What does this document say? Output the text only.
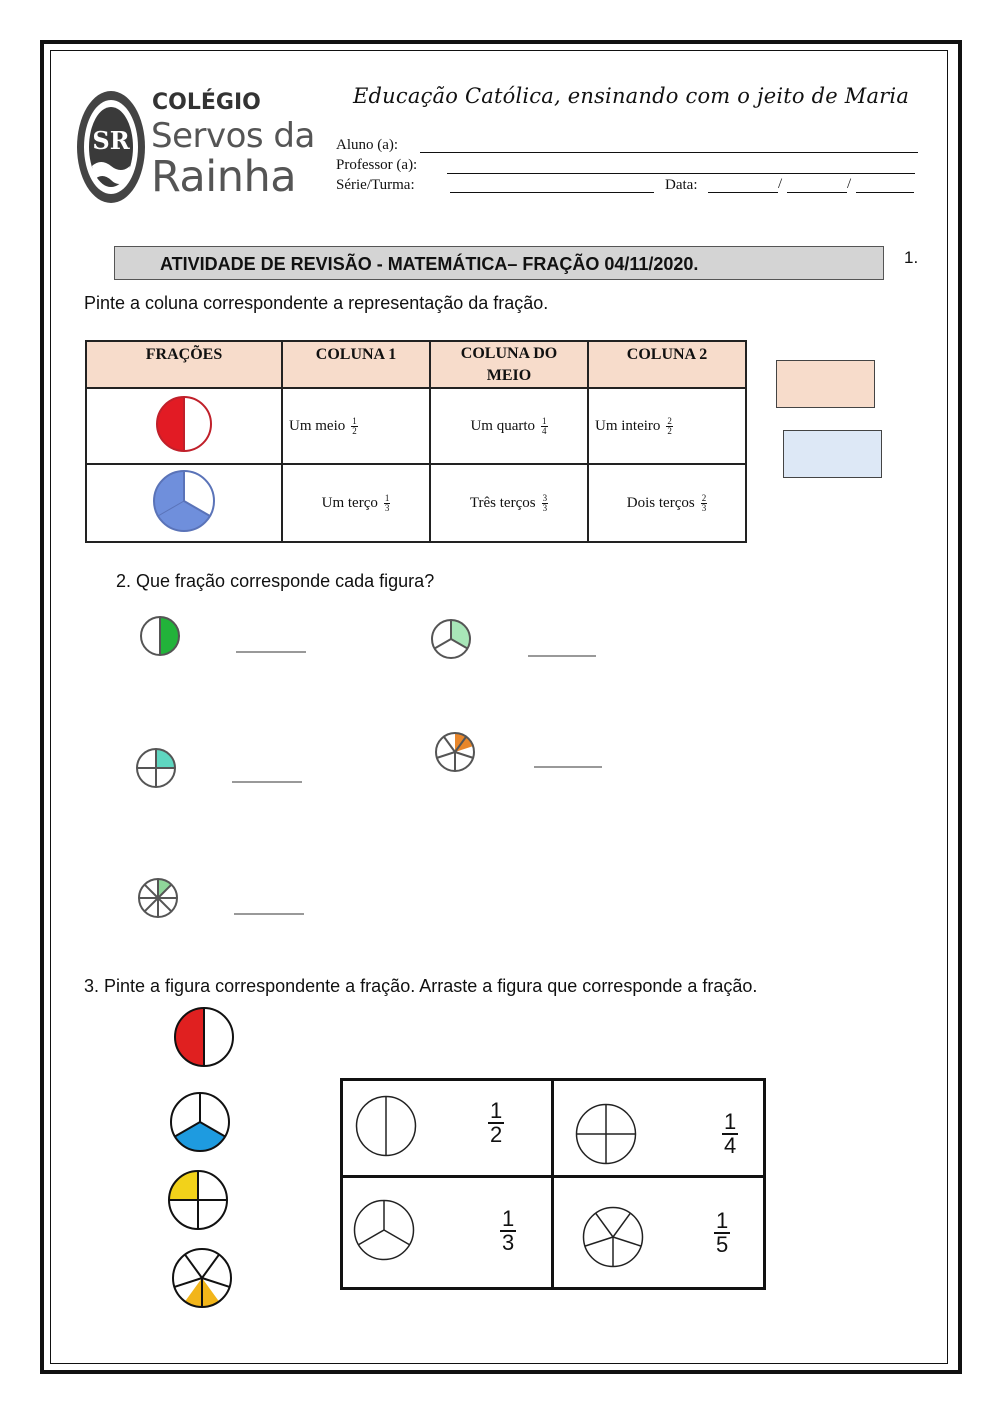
SR
COLÉGIO
Servos da
Rainha
Educação Católica, ensinando com o jeito de Maria
Aluno (a):
Professor (a):
Série/Turma:	Data:	/	/
ATIVIDADE DE REVISÃO - MATEMÁTICA– FRAÇÃO 04/11/2020.	1.
Pinte a coluna correspondente a representação da fração.
FRAÇÕES	COLUNA 1	COLUNA DO MEIO	COLUNA 2
	Um meio $\frac{1}{2}$	Um quarto $\frac{1}{4}$	Um inteiro $\frac{2}{2}$

	Um terço $\frac{1}{3}$	Três terços $\frac{3}{3}$	Dois terços $\frac{2}{3}$
2. Que fração corresponde cada figura?
3. Pinte a figura correspondente a fração. Arraste a figura que corresponde a fração.
$\frac{1}{2}$	$\frac{1}{4}$
$\frac{1}{3}$	$\frac{1}{5}$
